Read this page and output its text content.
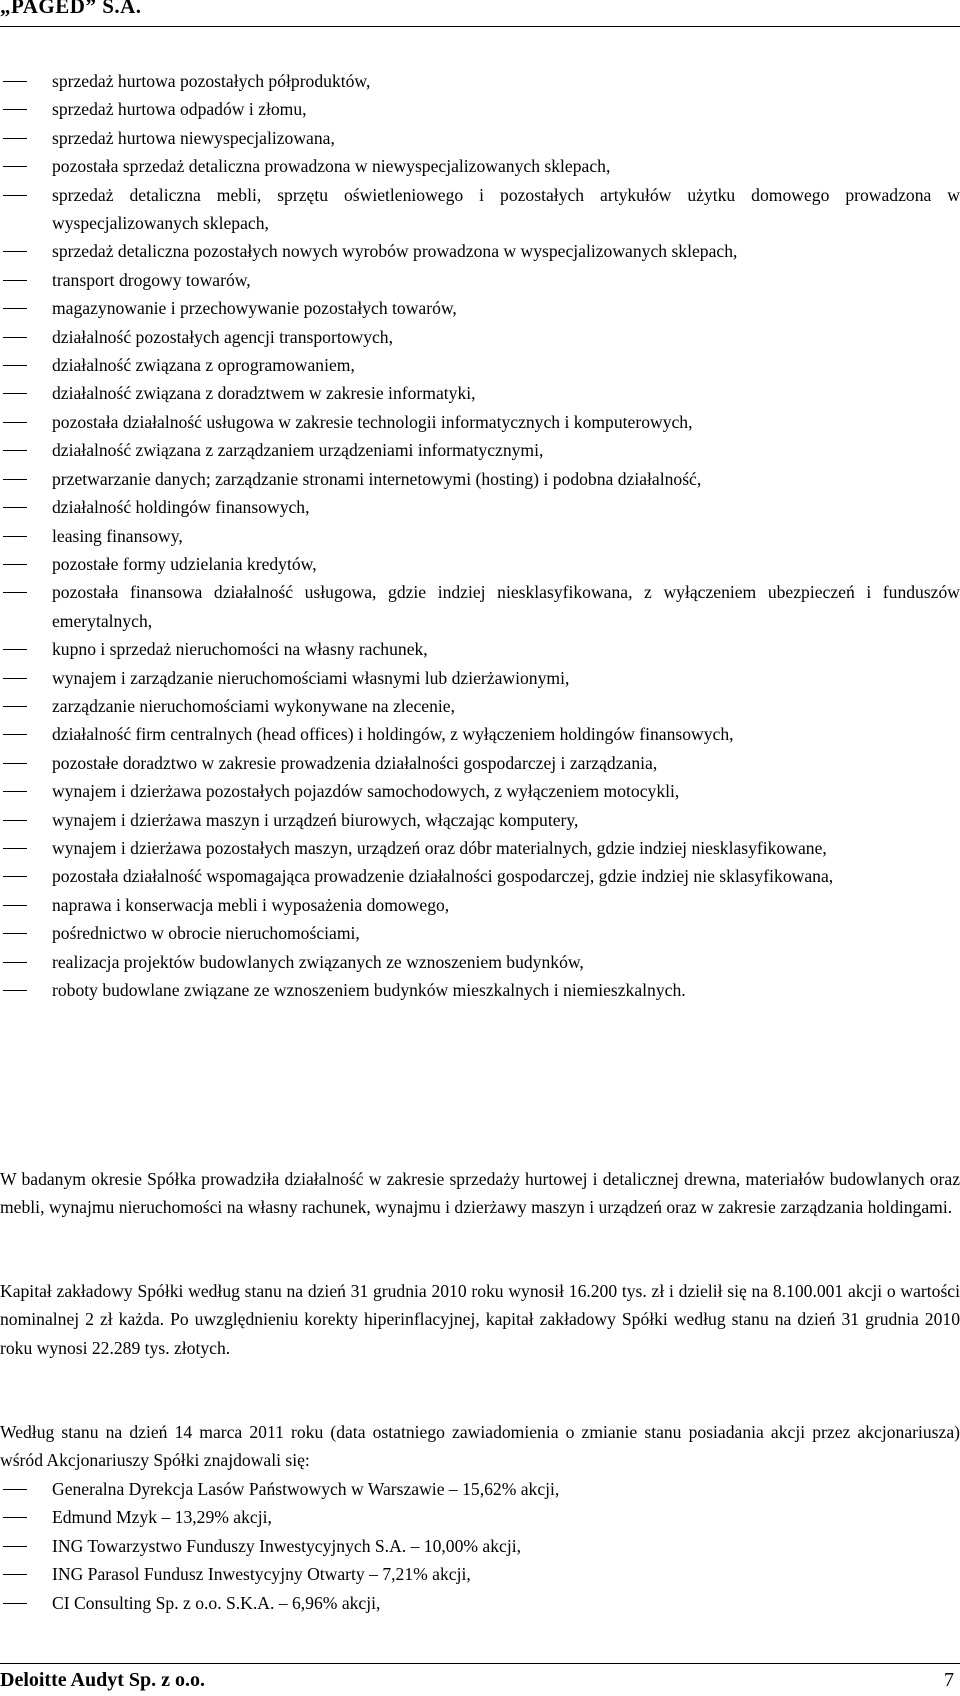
„PAGED” S.A.
sprzedaż hurtowa pozostałych półproduktów,
sprzedaż hurtowa odpadów i złomu,
sprzedaż hurtowa niewyspecjalizowana,
pozostała sprzedaż detaliczna prowadzona w niewyspecjalizowanych sklepach,
sprzedaż detaliczna mebli, sprzętu oświetleniowego i pozostałych artykułów użytku domowego prowadzona w wyspecjalizowanych sklepach,
sprzedaż detaliczna pozostałych nowych wyrobów prowadzona w wyspecjalizowanych sklepach,
transport drogowy towarów,
magazynowanie i przechowywanie pozostałych towarów,
działalność pozostałych agencji transportowych,
działalność związana z oprogramowaniem,
działalność związana z doradztwem w zakresie informatyki,
pozostała działalność usługowa w zakresie technologii informatycznych i komputerowych,
działalność związana z zarządzaniem urządzeniami informatycznymi,
przetwarzanie danych; zarządzanie stronami internetowymi (hosting) i podobna działalność,
działalność holdingów finansowych,
leasing finansowy,
pozostałe formy udzielania kredytów,
pozostała finansowa działalność usługowa, gdzie indziej niesklasyfikowana, z wyłączeniem ubezpieczeń i funduszów emerytalnych,
kupno i sprzedaż nieruchomości na własny rachunek,
wynajem i zarządzanie nieruchomościami własnymi lub dzierżawionymi,
zarządzanie nieruchomościami wykonywane na zlecenie,
działalność firm centralnych (head offices) i holdingów, z wyłączeniem holdingów finansowych,
pozostałe doradztwo w zakresie prowadzenia działalności gospodarczej i zarządzania,
wynajem i dzierżawa pozostałych pojazdów samochodowych, z wyłączeniem motocykli,
wynajem i dzierżawa maszyn i urządzeń biurowych, włączając komputery,
wynajem i dzierżawa pozostałych maszyn, urządzeń oraz dóbr materialnych, gdzie indziej niesklasyfikowane,
pozostała działalność wspomagająca prowadzenie działalności gospodarczej, gdzie indziej nie sklasyfikowana,
naprawa i konserwacja mebli i wyposażenia domowego,
pośrednictwo w obrocie nieruchomościami,
realizacja projektów budowlanych związanych ze wznoszeniem budynków,
roboty budowlane związane ze wznoszeniem budynków mieszkalnych i niemieszkalnych.

W badanym okresie Spółka prowadziła działalność w zakresie sprzedaży hurtowej i detalicznej drewna, materiałów budowlanych oraz mebli, wynajmu nieruchomości na własny rachunek, wynajmu i dzierżawy maszyn i urządzeń oraz w zakresie zarządzania holdingami.

Kapitał zakładowy Spółki według stanu na dzień 31 grudnia 2010 roku wynosił 16.200 tys. zł i dzielił się na 8.100.001 akcji o wartości nominalnej 2 zł każda. Po uwzględnieniu korekty hiperinflacyjnej, kapitał zakładowy Spółki według stanu na dzień 31 grudnia 2010 roku wynosi 22.289 tys. złotych.

Według stanu na dzień 14 marca 2011 roku (data ostatniego zawiadomienia o zmianie stanu posiadania akcji przez akcjonariusza) wśród Akcjonariuszy Spółki znajdowali się:

Generalna Dyrekcja Lasów Państwowych w Warszawie – 15,62% akcji,
Edmund Mzyk – 13,29% akcji,
ING Towarzystwo Funduszy Inwestycyjnych S.A. – 10,00% akcji,
ING Parasol Fundusz Inwestycyjny Otwarty – 7,21% akcji,
CI Consulting Sp. z o.o. S.K.A. – 6,96% akcji,
Deloitte Audyt Sp. z o.o.	7
